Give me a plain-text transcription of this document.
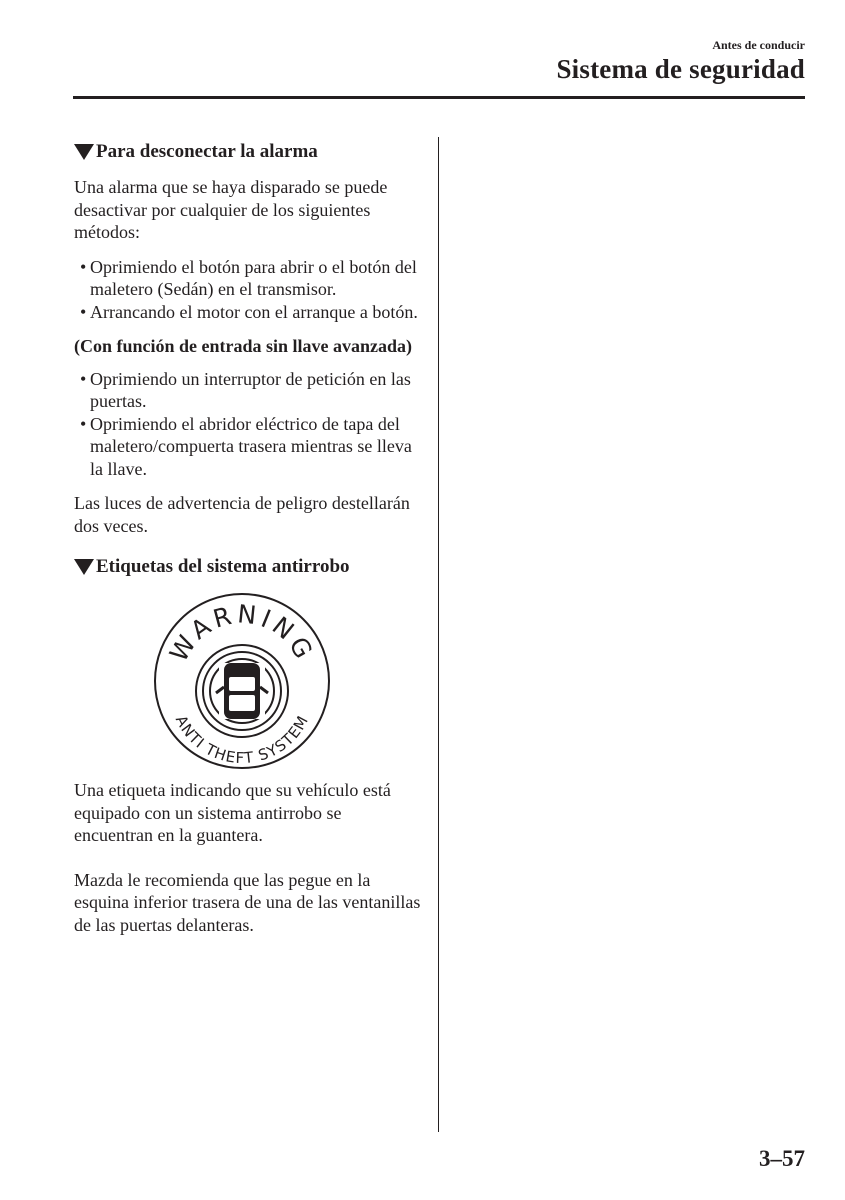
Antes de conducir
Sistema de seguridad
Para desconectar la alarma

Una alarma que se haya disparado se puede desactivar por cualquier de los siguientes métodos:

• Oprimiendo el botón para abrir o el botón del maletero (Sedán) en el transmisor.
• Arrancando el motor con el arranque a botón.
(Con función de entrada sin llave avanzada)
• Oprimiendo un interruptor de petición en las puertas.
• Oprimiendo el abridor eléctrico de tapa del maletero/compuerta trasera mientras se lleva la llave.

Las luces de advertencia de peligro destellarán dos veces.

Etiquetas del sistema antirrobo
WARNING
ANTI THEFT SYSTEM

Una etiqueta indicando que su vehículo está equipado con un sistema antirrobo se encuentran en la guantera.

Mazda le recomienda que las pegue en la esquina inferior trasera de una de las ventanillas de las puertas delanteras.

3–57
